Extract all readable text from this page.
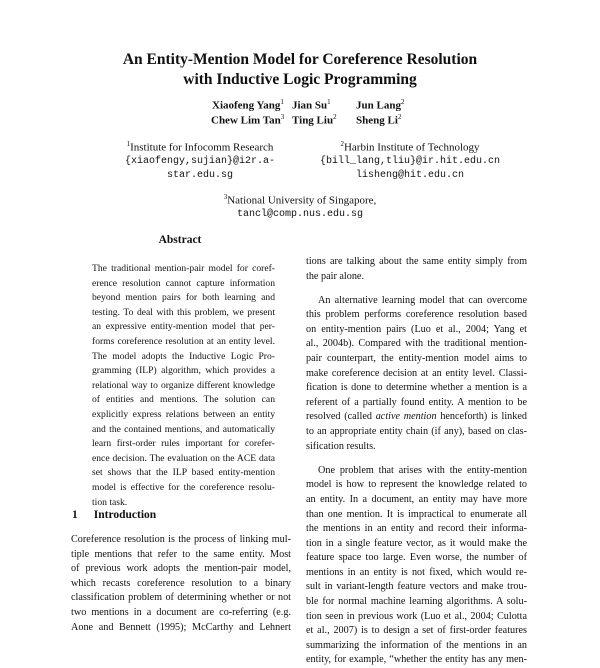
An Entity-Mention Model for Coreference Resolution
with Inductive Logic Programming
Xiaofeng Yang$^1$ Jian Su$^1$ Jun Lang$^2$
Chew Lim Tan$^3$ Ting Liu$^2$ Sheng Li$^2$
$^1$Institute for Infocomm Research
{xiaofengy,sujian}@i2r.a-star.edu.sg
$^2$Harbin Institute of Technology
{bill_lang,tliu}@ir.hit.edu.cn
lisheng@hit.edu.cn
$^3$National University of Singapore,
tancl@comp.nus.edu.sg
Abstract
The traditional mention-pair model for coref-
erence resolution cannot capture information
beyond mention pairs for both learning and
testing. To deal with this problem, we present
an expressive entity-mention model that per-
forms coreference resolution at an entity level.
The model adopts the Inductive Logic Pro-
gramming (ILP) algorithm, which provides a
relational way to organize different knowledge
of entities and mentions. The solution can
explicitly express relations between an entity
and the contained mentions, and automatically
learn first-order rules important for corefer-
ence decision. The evaluation on the ACE data
set shows that the ILP based entity-mention
model is effective for the coreference resolu-
tion task.
1 Introduction
Coreference resolution is the process of linking mul-
tiple mentions that refer to the same entity. Most
of previous work adopts the mention-pair model,
which recasts coreference resolution to a binary
classification problem of determining whether or not
two mentions in a document are co-referring (e.g.
Aone and Bennett (1995); McCarthy and Lehnert
tions are talking about the same entity simply from
the pair alone.
An alternative learning model that can overcome
this problem performs coreference resolution based
on entity-mention pairs (Luo et al., 2004; Yang et
al., 2004b). Compared with the traditional mention-
pair counterpart, the entity-mention model aims to
make coreference decision at an entity level. Classi-
fication is done to determine whether a mention is a
referent of a partially found entity. A mention to be
resolved (called active mention henceforth) is linked
to an appropriate entity chain (if any), based on clas-
sification results.
One problem that arises with the entity-mention
model is how to represent the knowledge related to
an entity. In a document, an entity may have more
than one mention. It is impractical to enumerate all
the mentions in an entity and record their informa-
tion in a single feature vector, as it would make the
feature space too large. Even worse, the number of
mentions in an entity is not fixed, which would re-
sult in variant-length feature vectors and make trou-
ble for normal machine learning algorithms. A solu-
tion seen in previous work (Luo et al., 2004; Culotta
et al., 2007) is to design a set of first-order features
summarizing the information of the mentions in an
entity, for example, “whether the entity has any men-
